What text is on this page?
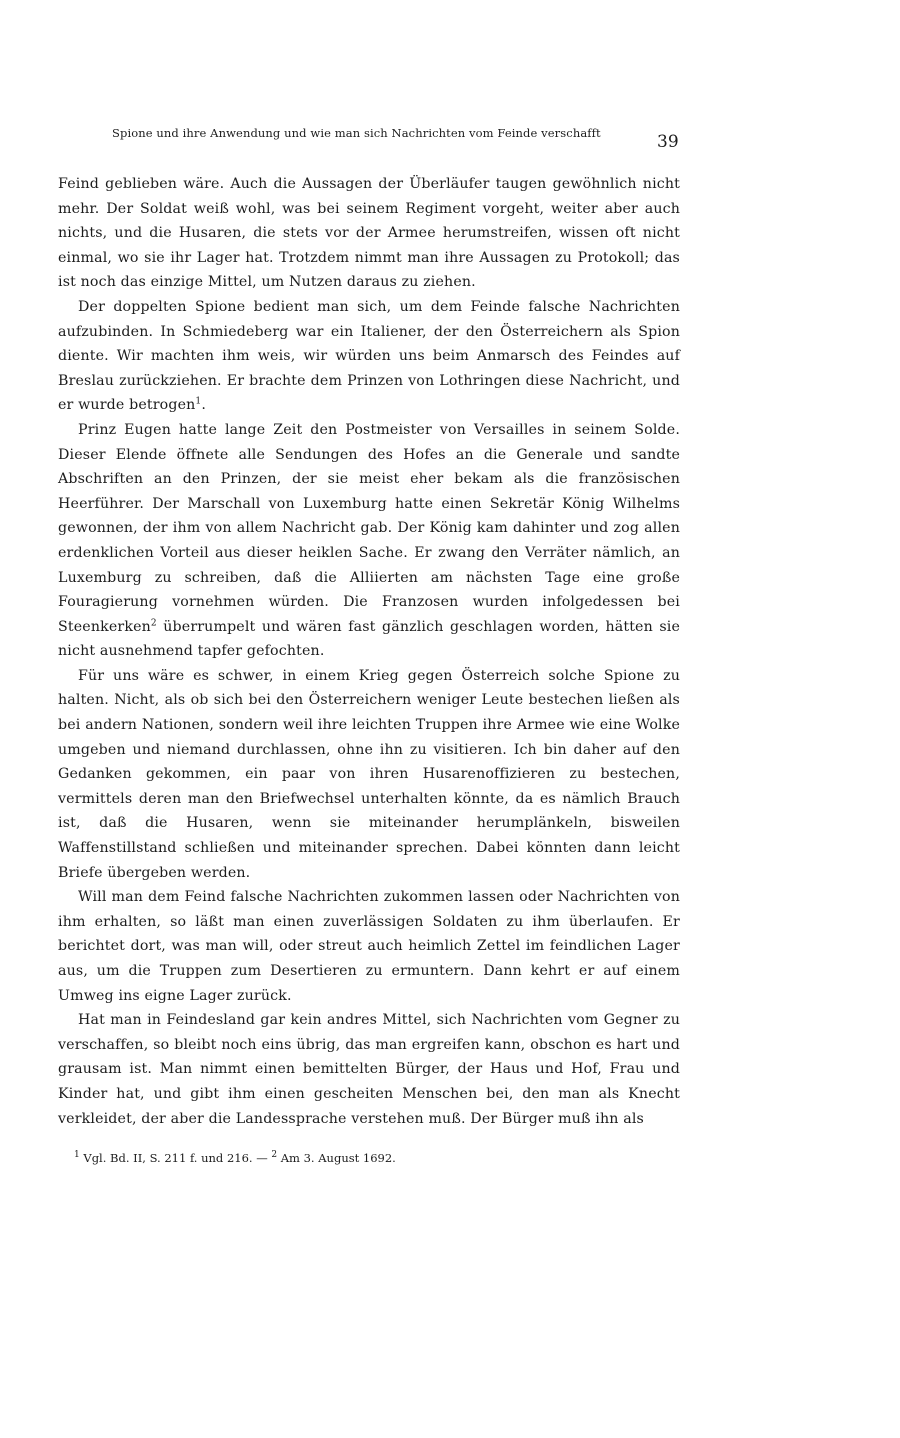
Spione und ihre Anwendung und wie man sich Nachrichten vom Feinde verschafft	39

Feind geblieben wäre. Auch die Aussagen der Überläufer taugen gewöhnlich nicht mehr. Der Soldat weiß wohl, was bei seinem Regiment vorgeht, weiter aber auch nichts, und die Husaren, die stets vor der Armee herumstreifen, wissen oft nicht einmal, wo sie ihr Lager hat. Trotzdem nimmt man ihre Aussagen zu Protokoll; das ist noch das einzige Mittel, um Nutzen daraus zu ziehen.

Der doppelten Spione bedient man sich, um dem Feinde falsche Nachrichten aufzubinden. In Schmiedeberg war ein Italiener, der den Österreichern als Spion diente. Wir machten ihm weis, wir würden uns beim Anmarsch des Feindes auf Breslau zurückziehen. Er brachte dem Prinzen von Lothringen diese Nachricht, und er wurde betrogen$^1$.

Prinz Eugen hatte lange Zeit den Postmeister von Versailles in seinem Solde. Dieser Elende öffnete alle Sendungen des Hofes an die Generale und sandte Abschriften an den Prinzen, der sie meist eher bekam als die französischen Heerführer. Der Marschall von Luxemburg hatte einen Sekretär König Wilhelms gewonnen, der ihm von allem Nachricht gab. Der König kam dahinter und zog allen erdenklichen Vorteil aus dieser heiklen Sache. Er zwang den Verräter nämlich, an Luxemburg zu schreiben, daß die Alliierten am nächsten Tage eine große Fouragierung vornehmen würden. Die Franzosen wurden infolgedessen bei Steenkerken$^2$ überrumpelt und wären fast gänzlich geschlagen worden, hätten sie nicht ausnehmend tapfer gefochten.

Für uns wäre es schwer, in einem Krieg gegen Österreich solche Spione zu halten. Nicht, als ob sich bei den Österreichern weniger Leute bestechen ließen als bei andern Nationen, sondern weil ihre leichten Truppen ihre Armee wie eine Wolke umgeben und niemand durchlassen, ohne ihn zu visitieren. Ich bin daher auf den Gedanken gekommen, ein paar von ihren Husarenoffizieren zu bestechen, vermittels deren man den Briefwechsel unterhalten könnte, da es nämlich Brauch ist, daß die Husaren, wenn sie miteinander herumplänkeln, bisweilen Waffenstillstand schließen und miteinander sprechen. Dabei könnten dann leicht Briefe übergeben werden.

Will man dem Feind falsche Nachrichten zukommen lassen oder Nachrichten von ihm erhalten, so läßt man einen zuverlässigen Soldaten zu ihm überlaufen. Er berichtet dort, was man will, oder streut auch heimlich Zettel im feindlichen Lager aus, um die Truppen zum Desertieren zu ermuntern. Dann kehrt er auf einem Umweg ins eigne Lager zurück.

Hat man in Feindesland gar kein andres Mittel, sich Nachrichten vom Gegner zu verschaffen, so bleibt noch eins übrig, das man ergreifen kann, obschon es hart und grausam ist. Man nimmt einen bemittelten Bürger, der Haus und Hof, Frau und Kinder hat, und gibt ihm einen gescheiten Menschen bei, den man als Knecht verkleidet, der aber die Landessprache verstehen muß. Der Bürger muß ihn als

$^1$ Vgl. Bd. II, S. 211 f. und 216. — $^2$ Am 3. August 1692.
